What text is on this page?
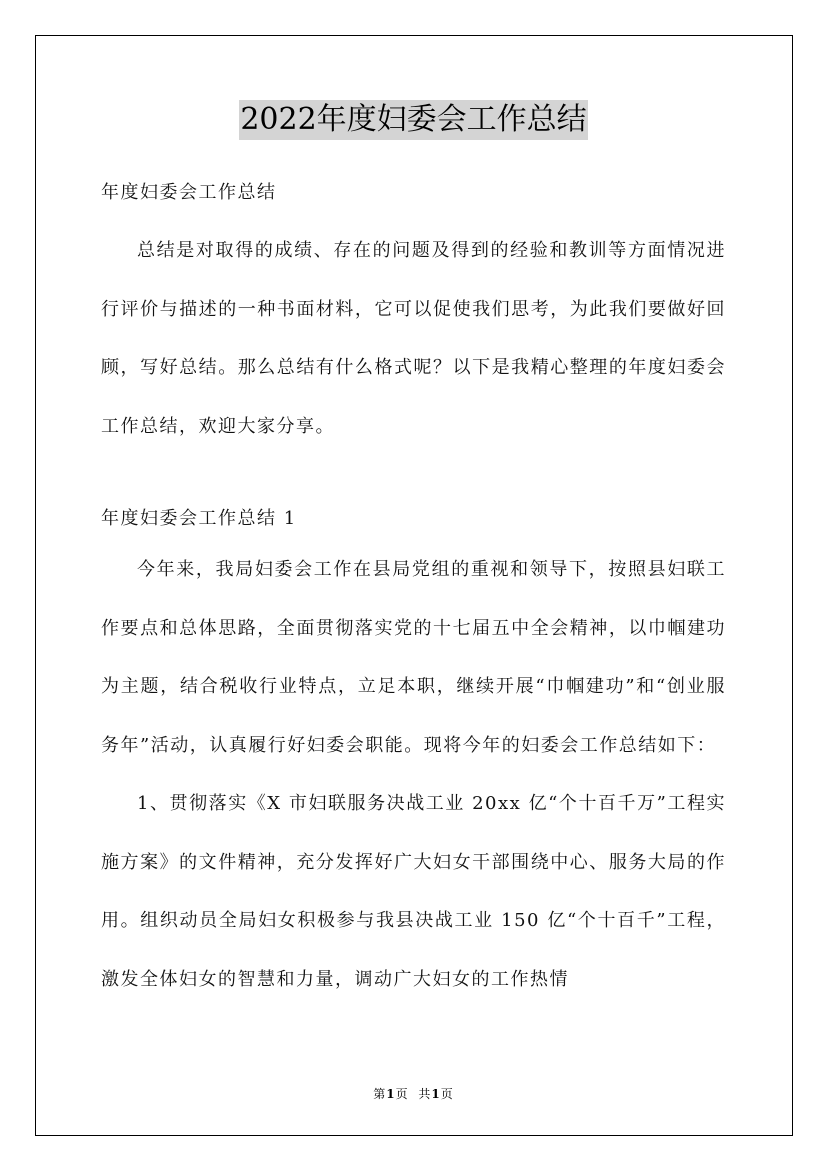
2022年度妇委会工作总结
年度妇委会工作总结

总结是对取得的成绩、存在的问题及得到的经验和教训等方面情况进行评价与描述的一种书面材料，它可以促使我们思考，为此我们要做好回顾，写好总结。那么总结有什么格式呢？以下是我精心整理的年度妇委会工作总结，欢迎大家分享。

年度妇委会工作总结 1

今年来，我局妇委会工作在县局党组的重视和领导下，按照县妇联工作要点和总体思路，全面贯彻落实党的十七届五中全会精神，以巾帼建功为主题，结合税收行业特点，立足本职，继续开展“巾帼建功”和“创业服务年”活动，认真履行好妇委会职能。现将今年的妇委会工作总结如下：

1、贯彻落实《X 市妇联服务决战工业 20xx 亿“个十百千万”工程实施方案》的文件精神，充分发挥好广大妇女干部围绕中心、服务大局的作用。组织动员全局妇女积极参与我县决战工业 150 亿“个十百千”工程，激发全体妇女的智慧和力量，调动广大妇女的工作热情

第1页 共1页
